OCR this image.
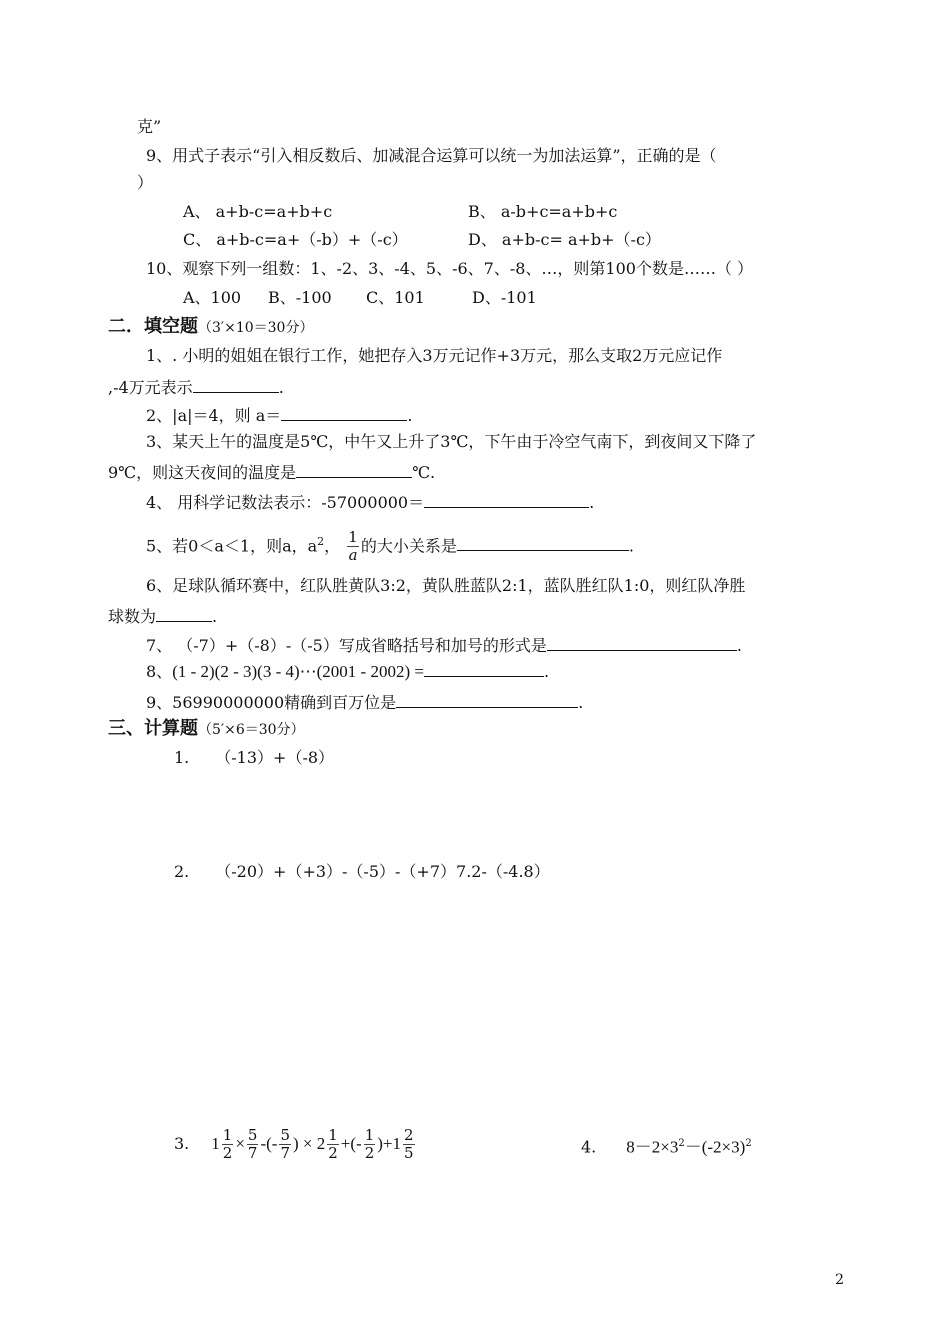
克”
9、用式子表示“引入相反数后、加减混合运算可以统一为加法运算”，正确的是（
）
A、 a+b-c=a+b+c	B、 a-b+c=a+b+c
C、 a+b-c=a+（-b）+（-c）	D、 a+b-c= a+b+（-c）
10、观察下列一组数：1、-2、3、-4、5、-6、7、-8、…，则第100个数是……（ ）
A、100 B、-100 C、101	D、-101
二．填空题（3′×10＝30分）
1、. 小明的姐姐在银行工作，她把存入3万元记作+3万元，那么支取2万元应记作
,-4万元表示	.
2、|a|＝4，则 a＝	.
3、某天上午的温度是5℃，中午又上升了3℃，下午由于冷空气南下，到夜间又下降了
9℃，则这天夜间的温度是	℃.
4、 用科学记数法表示：-57000000＝	.
5、若0＜a＜1，则a，$a^2$， $\frac{1}{a}$ 的大小关系是	.
6、足球队循环赛中，红队胜黄队3:2，黄队胜蓝队2:1，蓝队胜红队1:0，则红队净胜
球数为	.
7、 （-7）+（-8）-（-5）写成省略括号和加号的形式是	.
8、(1 - 2)(2 - 3)(3 - 4)⋯(2001 - 2002) =	.
9、56990000000精确到百万位是	.
三、计算题（5′×6＝30分）
1. （-13）+（-8）
2. （-20）+（+3）-（-5）-（+7）7.2-（-4.8）
3. $1 \frac{1}{2} \times \frac{5}{7}$ -(- $\frac{5}{7}$ ) × $2 \frac{1}{2}$ +(- $\frac{1}{2} )+1 \frac{2}{5}$	4. $8-2\times 3^2-(-2\times 3)^2$
2
